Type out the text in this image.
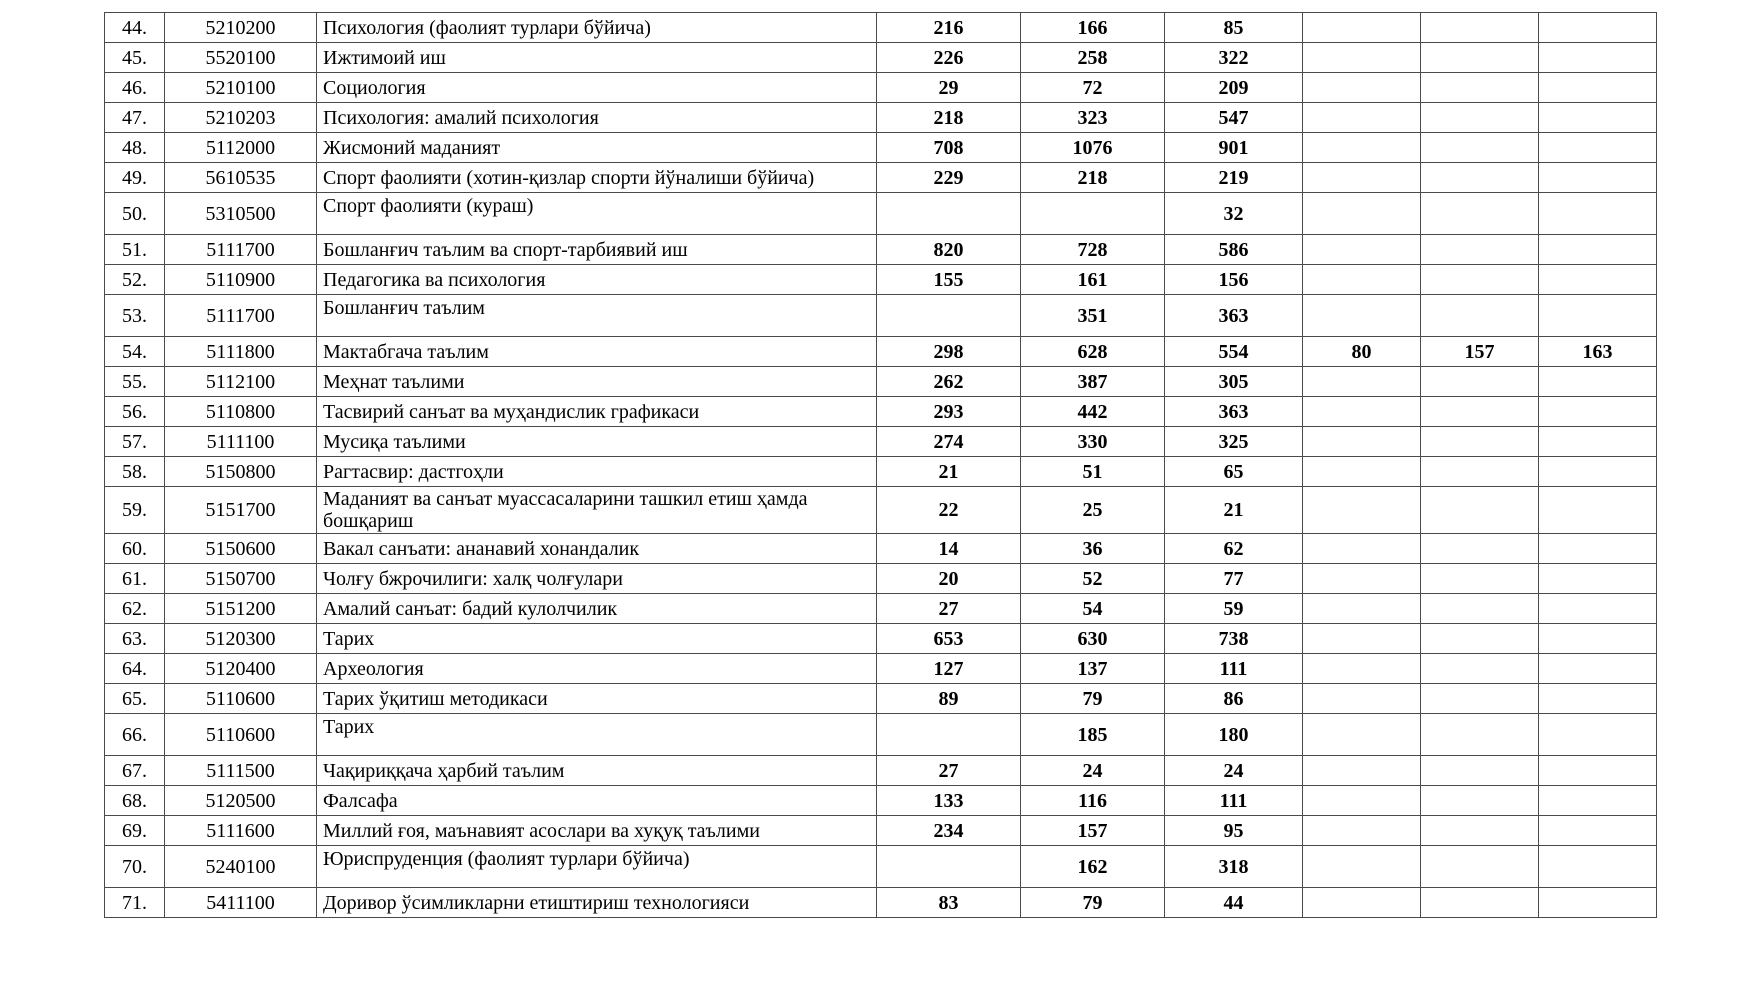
44.	5210200	Психология (фаолият турлари бўйича)	216	166	85			
45.	5520100	Ижтимоий иш	226	258	322			
46.	5210100	Социология	29	72	209			
47.	5210203	Психология: амалий психология	218	323	547			
48.	5112000	Жисмоний маданият	708	1076	901			
49.	5610535	Спорт фаолияти (хотин-қизлар спорти йўналиши бўйича)	229	218	219			
50.	5310500	Спорт фаолияти (кураш)			32			
51.	5111700	Бошланғич таълим ва спорт-тарбиявий иш	820	728	586			
52.	5110900	Педагогика ва психология	155	161	156			
53.	5111700	Бошланғич таълим		351	363			
54.	5111800	Мактабгача таълим	298	628	554	80	157	163
55.	5112100	Меҳнат таълими	262	387	305			
56.	5110800	Тасвирий санъат ва муҳандислик графикаси	293	442	363			
57.	5111100	Мусиқа таълими	274	330	325			
58.	5150800	Рагтасвир: дастгоҳли	21	51	65			
59.	5151700	Маданият ва санъат муассасаларини ташкил етиш ҳамда бошқариш	22	25	21			
60.	5150600	Вакал санъати: ананавий хонандалик	14	36	62			
61.	5150700	Чолғу бжрочилиги: халқ чолғулари	20	52	77			
62.	5151200	Амалий санъат: бадий кулолчилик	27	54	59			
63.	5120300	Тарих	653	630	738			
64.	5120400	Археология	127	137	111			
65.	5110600	Тарих ўқитиш методикаси	89	79	86			
66.	5110600	Тарих		185	180			
67.	5111500	Чақириққача ҳарбий таълим	27	24	24			
68.	5120500	Фалсафа	133	116	111			
69.	5111600	Миллий ғоя, маънавият асослари ва хуқуқ таълими	234	157	95			
70.	5240100	Юриспруденция (фаолият турлари бўйича)		162	318			
71.	5411100	Доривор ўсимликларни етиштириш технологияси	83	79	44			
